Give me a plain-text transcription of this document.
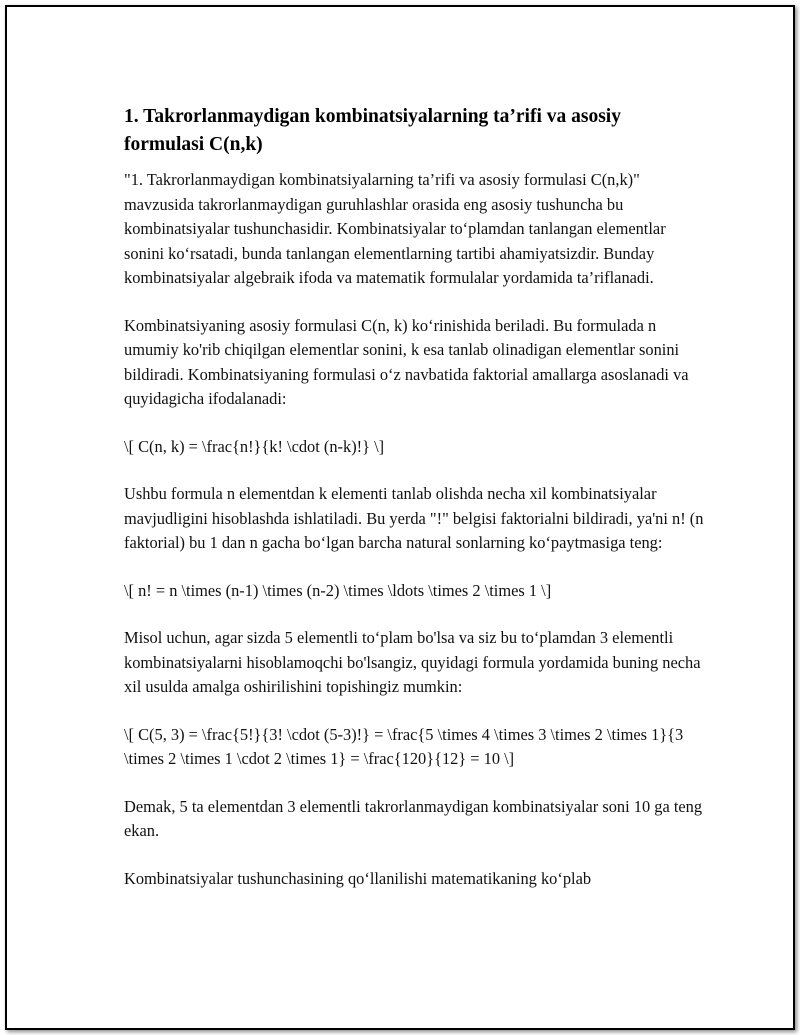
1. Takrorlanmaydigan kombinatsiyalarning ta’rifi va asosiy formulasi C(n,k)

"1. Takrorlanmaydigan kombinatsiyalarning ta’rifi va asosiy formulasi C(n,k)" mavzusida takrorlanmaydigan guruhlashlar orasida eng asosiy tushuncha bu kombinatsiyalar tushunchasidir. Kombinatsiyalar to‘plamdan tanlangan elementlar sonini ko‘rsatadi, bunda tanlangan elementlarning tartibi ahamiyatsizdir. Bunday kombinatsiyalar algebraik ifoda va matematik formulalar yordamida ta’riflanadi.

Kombinatsiyaning asosiy formulasi C(n, k) ko‘rinishida beriladi. Bu formulada n umumiy ko'rib chiqilgan elementlar sonini, k esa tanlab olinadigan elementlar sonini bildiradi. Kombinatsiyaning formulasi o‘z navbatida faktorial amallarga asoslanadi va quyidagicha ifodalanadi:

\[ C(n, k) = \frac{n!}{k! \cdot (n-k)!} \]

Ushbu formula n elementdan k elementi tanlab olishda necha xil kombinatsiyalar mavjudligini hisoblashda ishlatiladi. Bu yerda "!" belgisi faktorialni bildiradi, ya'ni n! (n faktorial) bu 1 dan n gacha bo‘lgan barcha natural sonlarning ko‘paytmasiga teng:

\[ n! = n \times (n-1) \times (n-2) \times \ldots \times 2 \times 1 \]

Misol uchun, agar sizda 5 elementli to‘plam bo'lsa va siz bu to‘plamdan 3 elementli kombinatsiyalarni hisoblamoqchi bo'lsangiz, quyidagi formula yordamida buning necha xil usulda amalga oshirilishini topishingiz mumkin:

\[ C(5, 3) = \frac{5!}{3! \cdot (5-3)!} = \frac{5 \times 4 \times 3 \times 2 \times 1}{3 \times 2 \times 1 \cdot 2 \times 1} = \frac{120}{12} = 10 \]

Demak, 5 ta elementdan 3 elementli takrorlanmaydigan kombinatsiyalar soni 10 ga teng ekan.

Kombinatsiyalar tushunchasining qo‘llanilishi matematikaning ko‘plab
